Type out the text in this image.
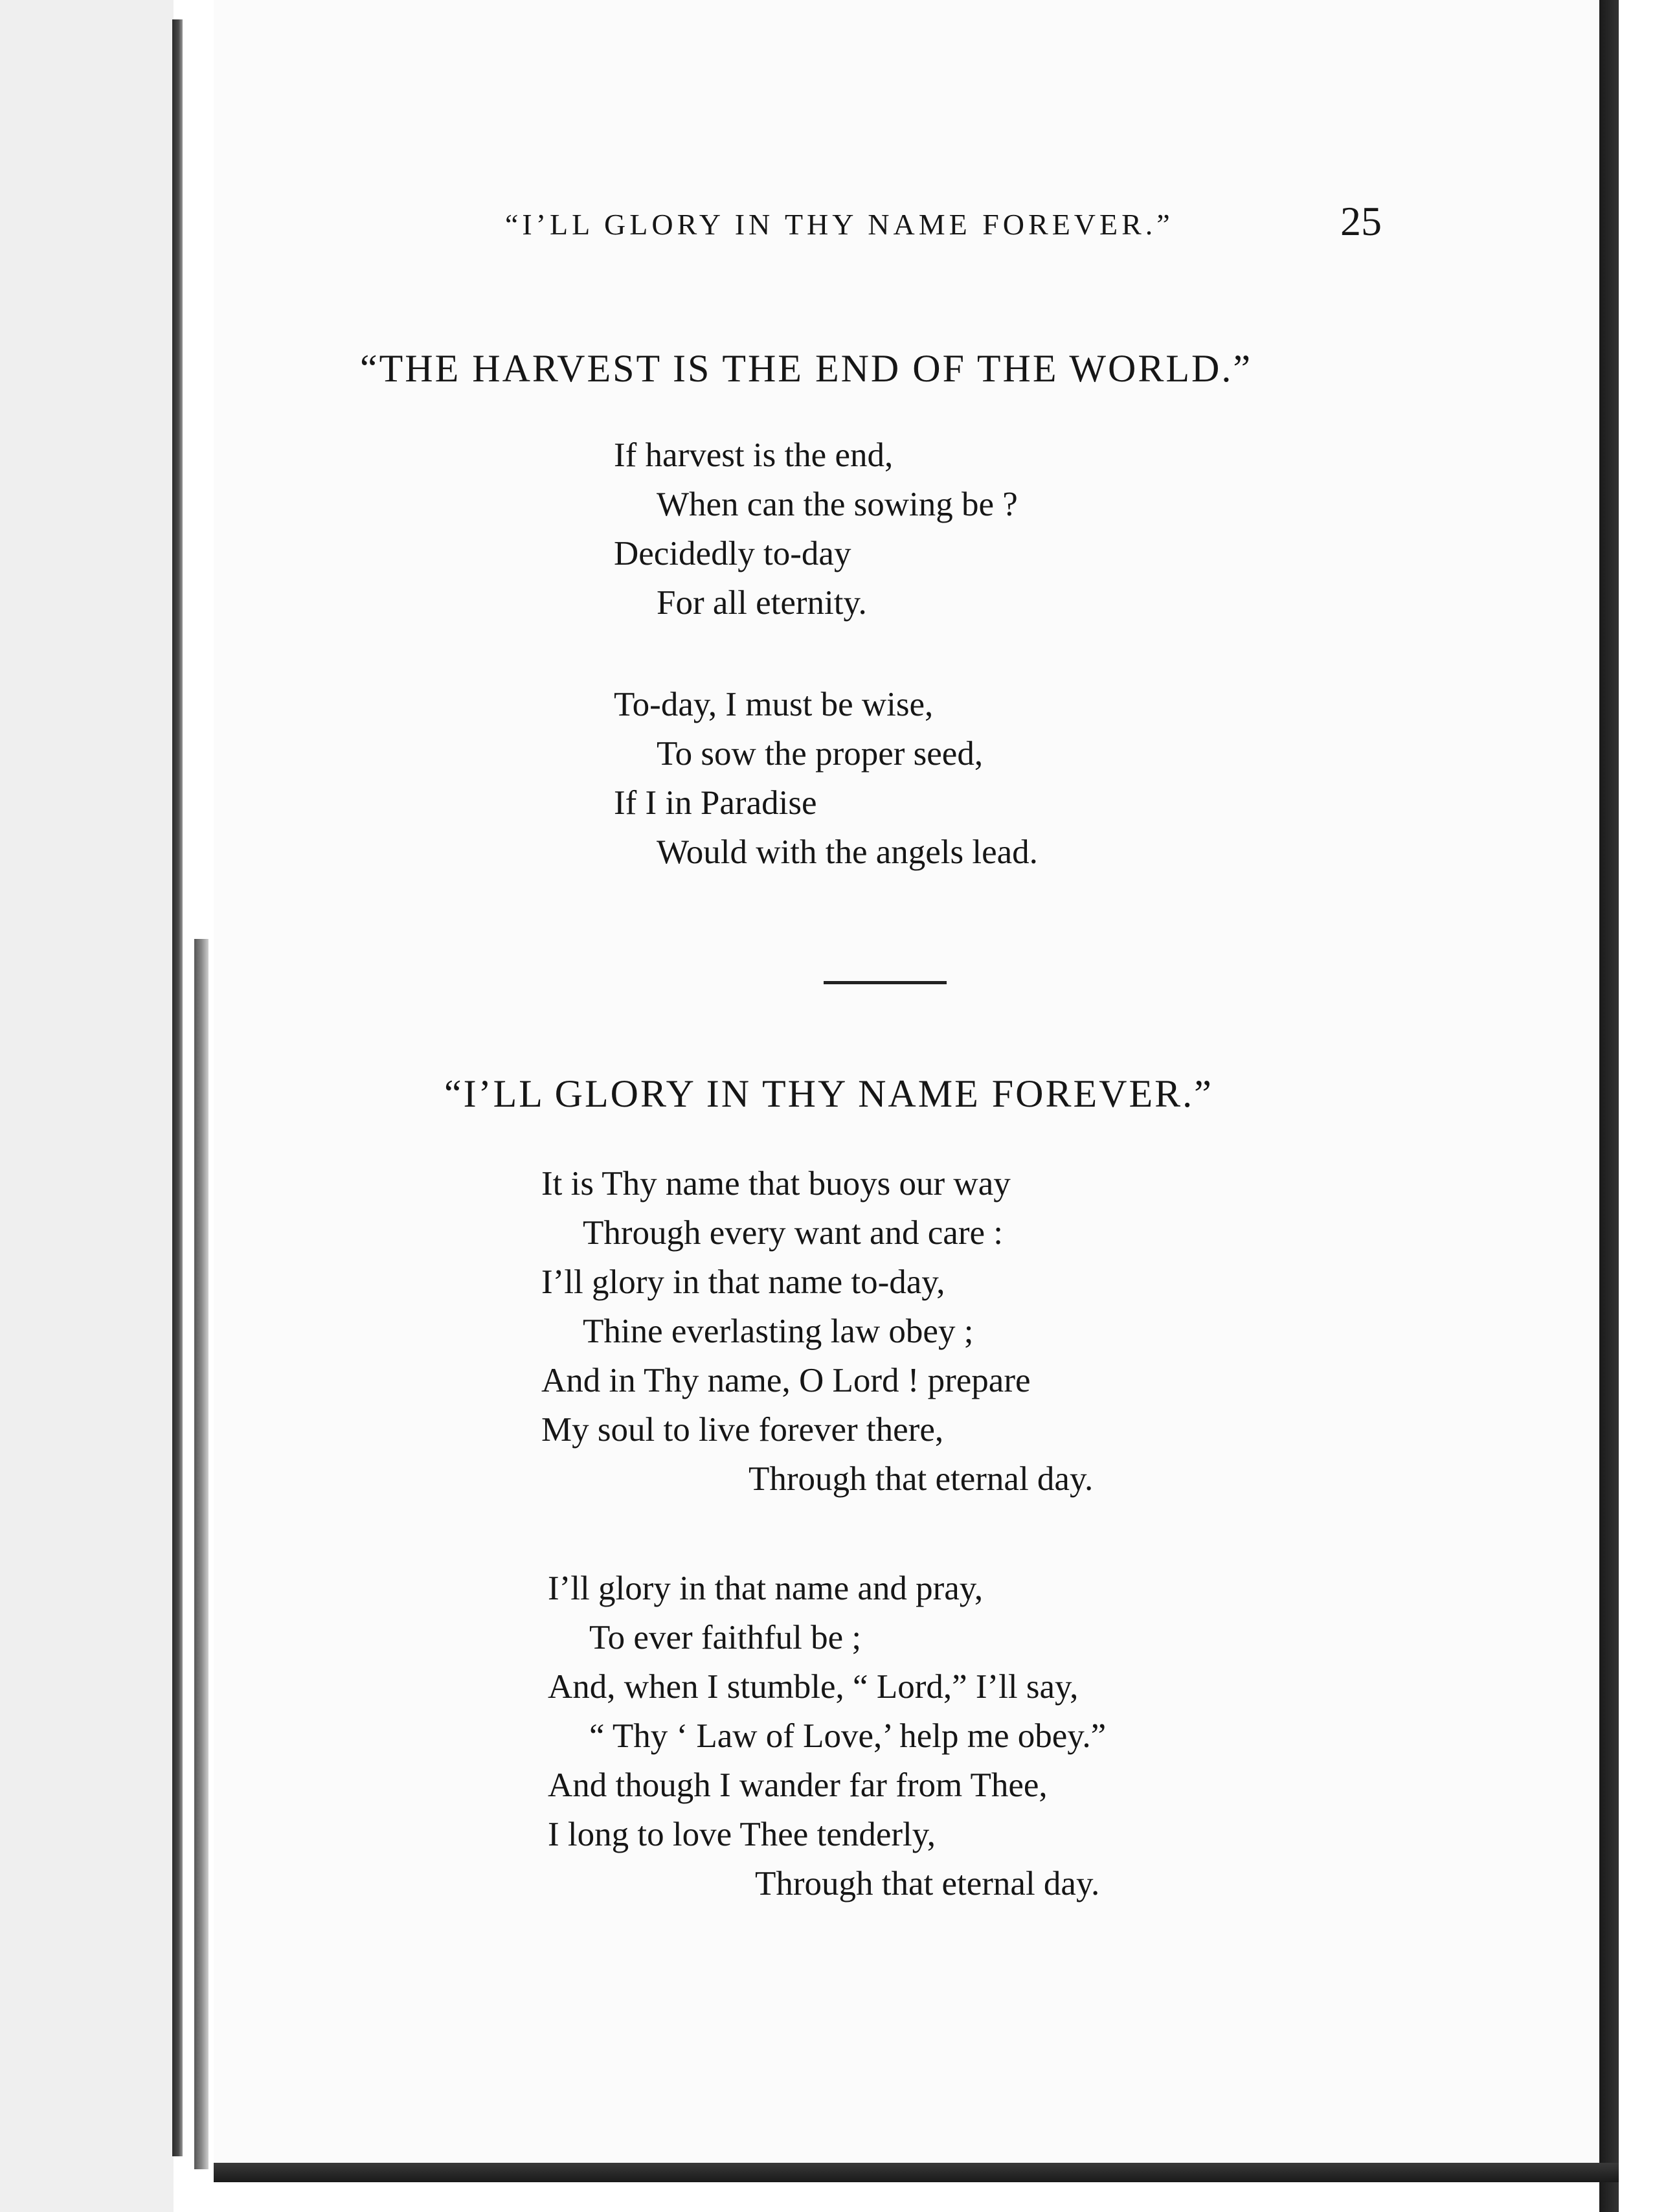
“I’LL GLORY IN THY NAME FOREVER.”	25
“THE HARVEST IS THE END OF THE WORLD.”
If harvest is the end,
When can the sowing be ?
Decidedly to-day
For all eternity.
To-day, I must be wise,
To sow the proper seed,
If I in Paradise
Would with the angels lead.
“I’LL GLORY IN THY NAME FOREVER.”
It is Thy name that buoys our way
Through every want and care :
I’ll glory in that name to-day,
Thine everlasting law obey ;
And in Thy name, O Lord ! prepare
My soul to live forever there,
Through that eternal day.
I’ll glory in that name and pray,
To ever faithful be ;
And, when I stumble, “ Lord,” I’ll say,
“ Thy ‘ Law of Love,’ help me obey.”
And though I wander far from Thee,
I long to love Thee tenderly,
Through that eternal day.
